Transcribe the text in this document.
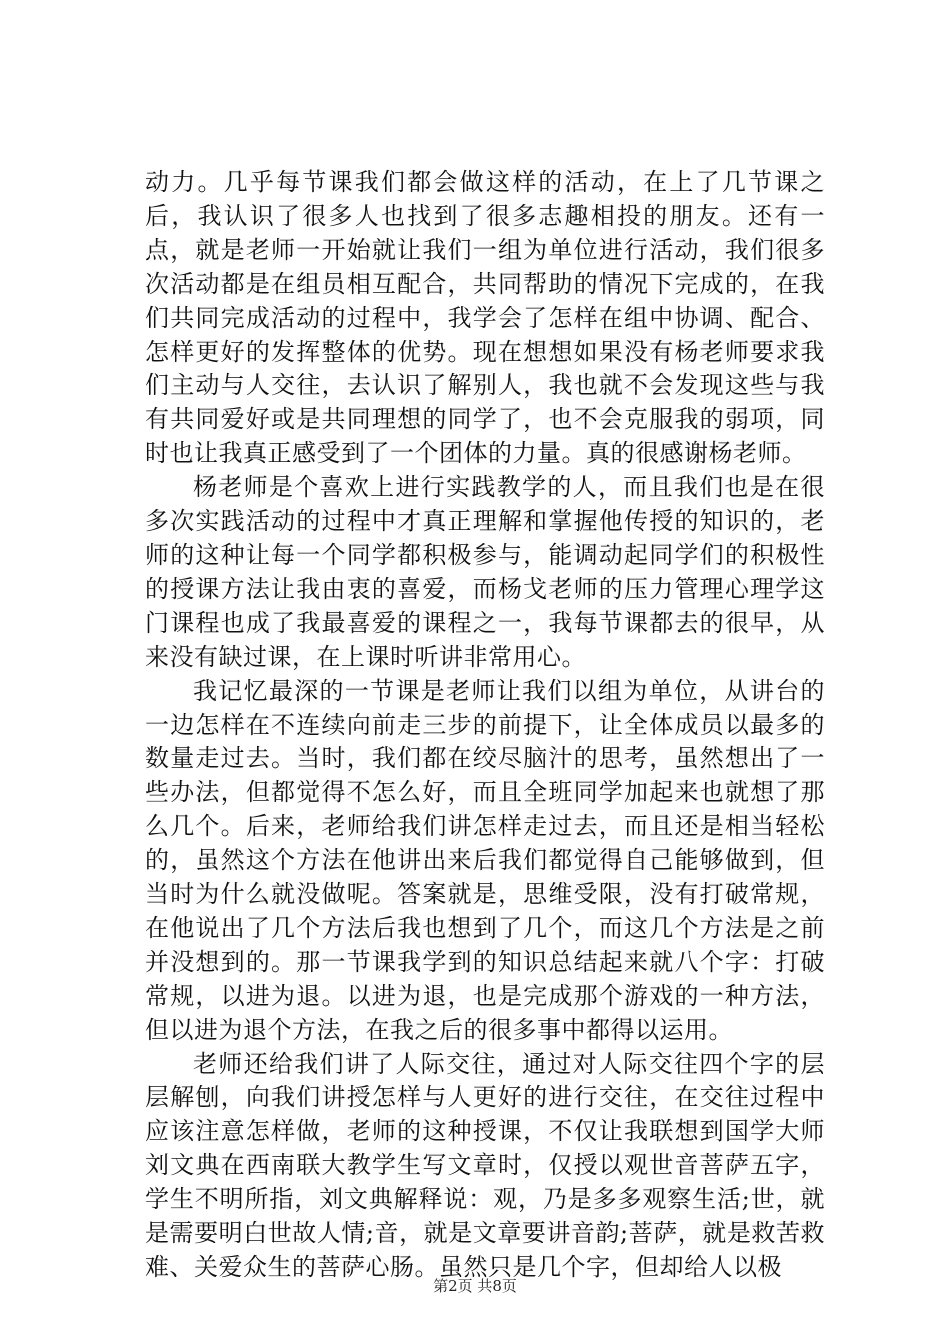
动力。几乎每节课我们都会做这样的活动，在上了几节课之后，我认识了很多人也找到了很多志趣相投的朋友。还有一点，就是老师一开始就让我们一组为单位进行活动，我们很多次活动都是在组员相互配合，共同帮助的情况下完成的，在我们共同完成活动的过程中，我学会了怎样在组中协调、配合、怎样更好的发挥整体的优势。现在想想如果没有杨老师要求我们主动与人交往，去认识了解别人，我也就不会发现这些与我有共同爱好或是共同理想的同学了，也不会克服我的弱项，同时也让我真正感受到了一个团体的力量。真的很感谢杨老师。

杨老师是个喜欢上进行实践教学的人，而且我们也是在很多次实践活动的过程中才真正理解和掌握他传授的知识的，老师的这种让每一个同学都积极参与，能调动起同学们的积极性的授课方法让我由衷的喜爱，而杨戈老师的压力管理心理学这门课程也成了我最喜爱的课程之一，我每节课都去的很早，从来没有缺过课，在上课时听讲非常用心。

我记忆最深的一节课是老师让我们以组为单位，从讲台的一边怎样在不连续向前走三步的前提下，让全体成员以最多的数量走过去。当时，我们都在绞尽脑汁的思考，虽然想出了一些办法，但都觉得不怎么好，而且全班同学加起来也就想了那么几个。后来，老师给我们讲怎样走过去，而且还是相当轻松的，虽然这个方法在他讲出来后我们都觉得自己能够做到，但当时为什么就没做呢。答案就是，思维受限，没有打破常规，在他说出了几个方法后我也想到了几个，而这几个方法是之前并没想到的。那一节课我学到的知识总结起来就八个字：打破常规，以进为退。以进为退，也是完成那个游戏的一种方法，但以进为退个方法，在我之后的很多事中都得以运用。

老师还给我们讲了人际交往，通过对人际交往四个字的层层解刨，向我们讲授怎样与人更好的进行交往，在交往过程中应该注意怎样做，老师的这种授课，不仅让我联想到国学大师刘文典在西南联大教学生写文章时，仅授以观世音菩萨五字，学生不明所指，刘文典解释说：观，乃是多多观察生活;世，就是需要明白世故人情;音，就是文章要讲音韵;菩萨，就是救苦救难、关爱众生的菩萨心肠。虽然只是几个字，但却给人以极

第2页 共8页
